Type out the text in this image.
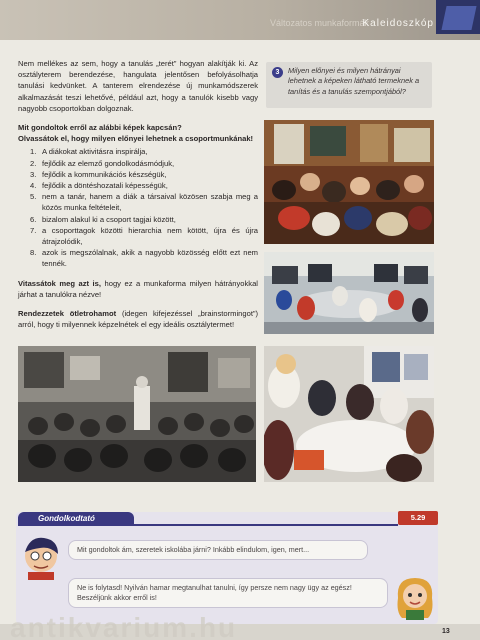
Változatos munkaformák
Kaleidoszkóp

Nem mellékes az sem, hogy a tanulás „terét” hogyan alakítják ki. Az osztályterem berendezése, hangulata jelentősen befolyásolhatja tanulási kedvünket. A tanterem elrendezése új munkamódszerek alkalmazását teszi lehetővé, például azt, hogy a tanulók kisebb vagy nagyobb csoportokban dolgoznak.

Mit gondoltok erről az alábbi képek kapcsán?

Olvassátok el, hogy milyen előnyei lehetnek a csoportmunkának!

1. A diákokat aktivitásra inspirálja,
2. fejlődik az elemző gondolkodásmódjuk,
3. fejlődik a kommunikációs készségük,
4. fejlődik a döntéshozatali képességük,
5. nem a tanár, hanem a diák a társaival közösen szabja meg a közös munka feltételeit,
6. bizalom alakul ki a csoport tagjai között,
7. a csoporttagok közötti hierarchia nem kötött, újra és újra átrajzolódik,
8. azok is megszólalnak, akik a nagyobb közösség előtt ezt nem tennék.

Vitassátok meg azt is, hogy ez a munkaforma milyen hátrányokkal járhat a tanulókra nézve!

Rendezzetek ötletrohamot (idegen kifejezéssel „brainstormingot”) arról, hogy ti milyennek képzelnétek el egy ideális osztálytermet!

3	Milyen előnyei és milyen hátrányai lehetnek a képeken látható termeknek a tanítás és a tanulás szempontjából?
Gondolkodtató	5.29
Mit gondoltok ám, szeretek iskolába járni? Inkább elindulom, igen, mert...
Ne is folytasd! Nyilván hamar megtanulhat tanulni, így persze nem nagy ügy az egész! Beszéljünk akkor erről is!
antikvarium.hu	13
